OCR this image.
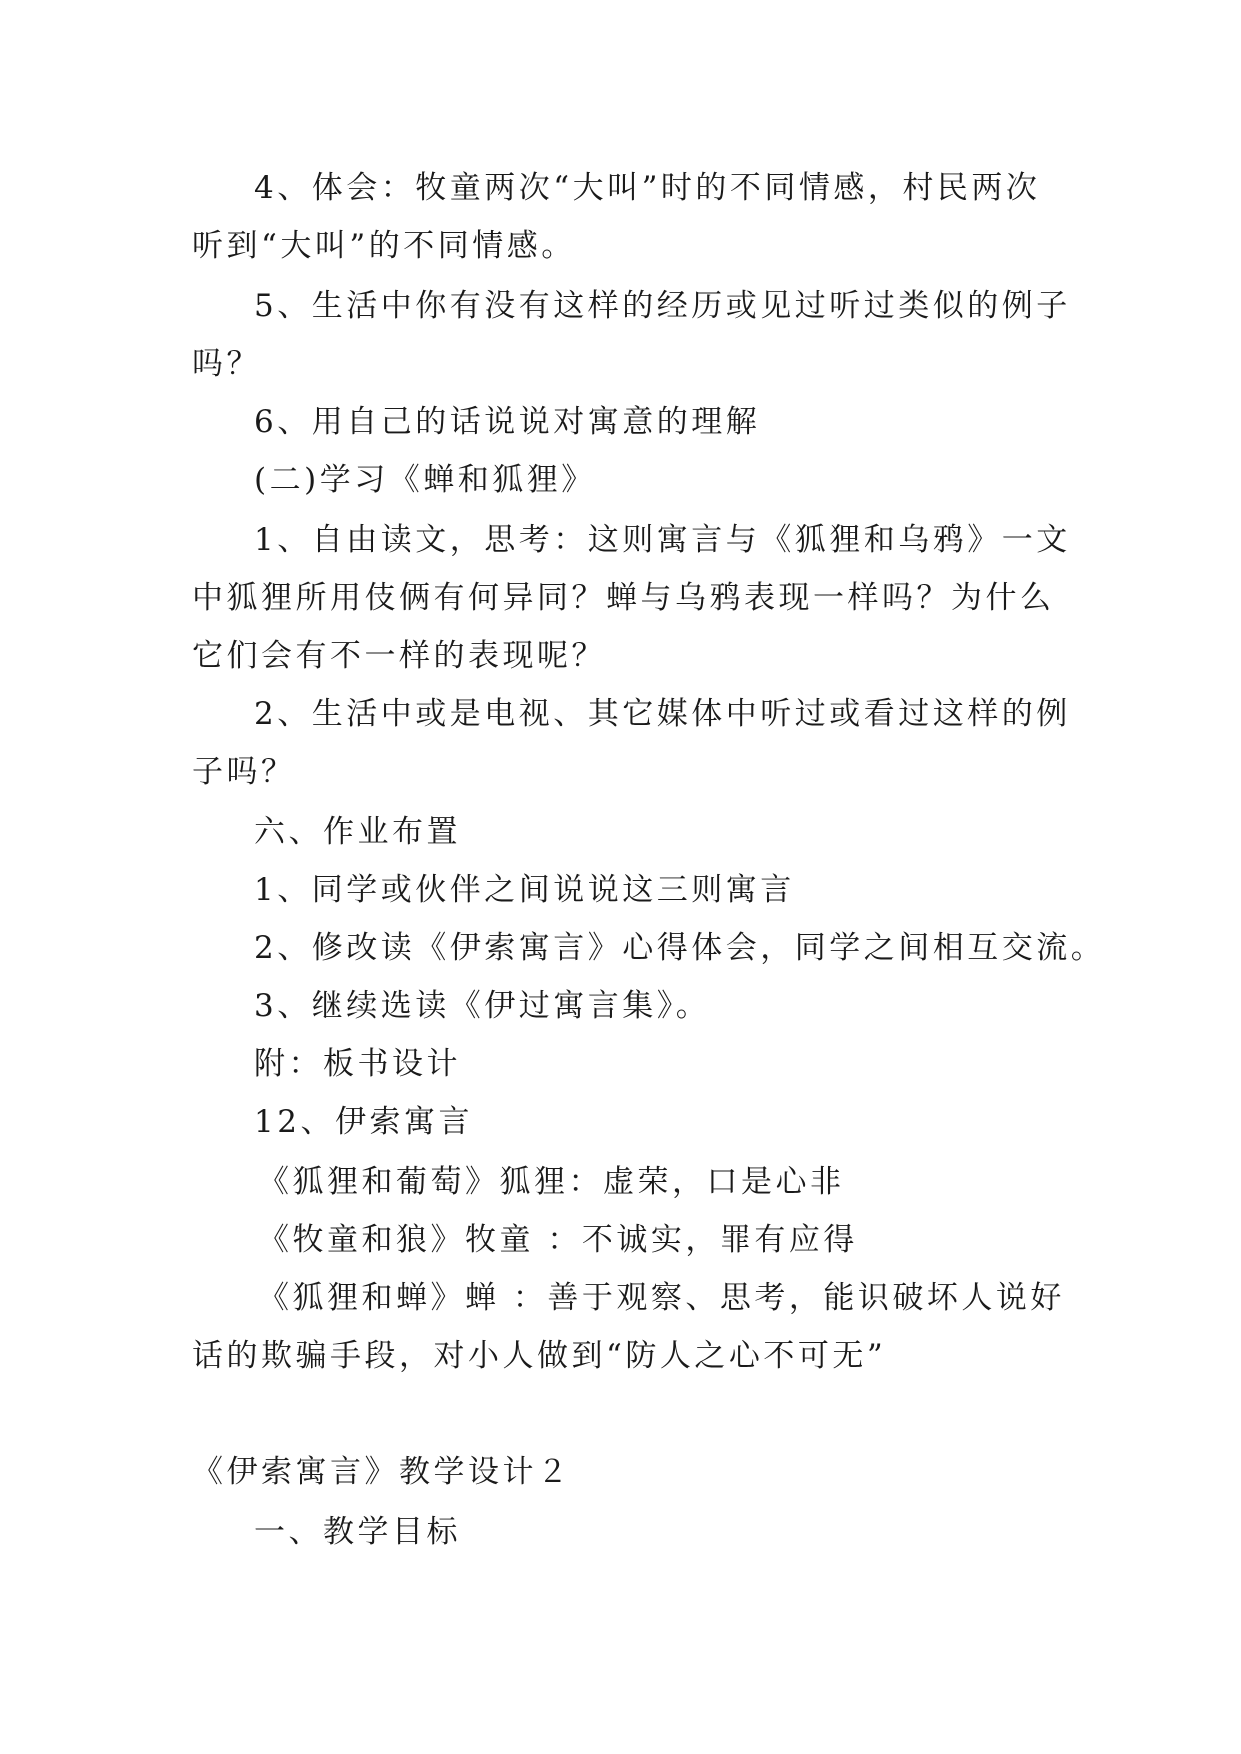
4、体会：牧童两次“大叫”时的不同情感，村民两次
听到“大叫”的不同情感。
5、生活中你有没有这样的经历或见过听过类似的例子
吗？
6、用自己的话说说对寓意的理解
(二)学习《蝉和狐狸》
1、自由读文，思考：这则寓言与《狐狸和乌鸦》一文
中狐狸所用伎俩有何异同？蝉与乌鸦表现一样吗？为什么
它们会有不一样的表现呢？
2、生活中或是电视、其它媒体中听过或看过这样的例
子吗？
六、作业布置
1、同学或伙伴之间说说这三则寓言
2、修改读《伊索寓言》心得体会，同学之间相互交流。
3、继续选读《伊过寓言集》。
附：板书设计
12、伊索寓言
《狐狸和葡萄》狐狸：虚荣，口是心非
《牧童和狼》牧童 ：不诚实，罪有应得
《狐狸和蝉》蝉 ：善于观察、思考，能识破坏人说好
话的欺骗手段，对小人做到“防人之心不可无”
《伊索寓言》教学设计２
一、教学目标
